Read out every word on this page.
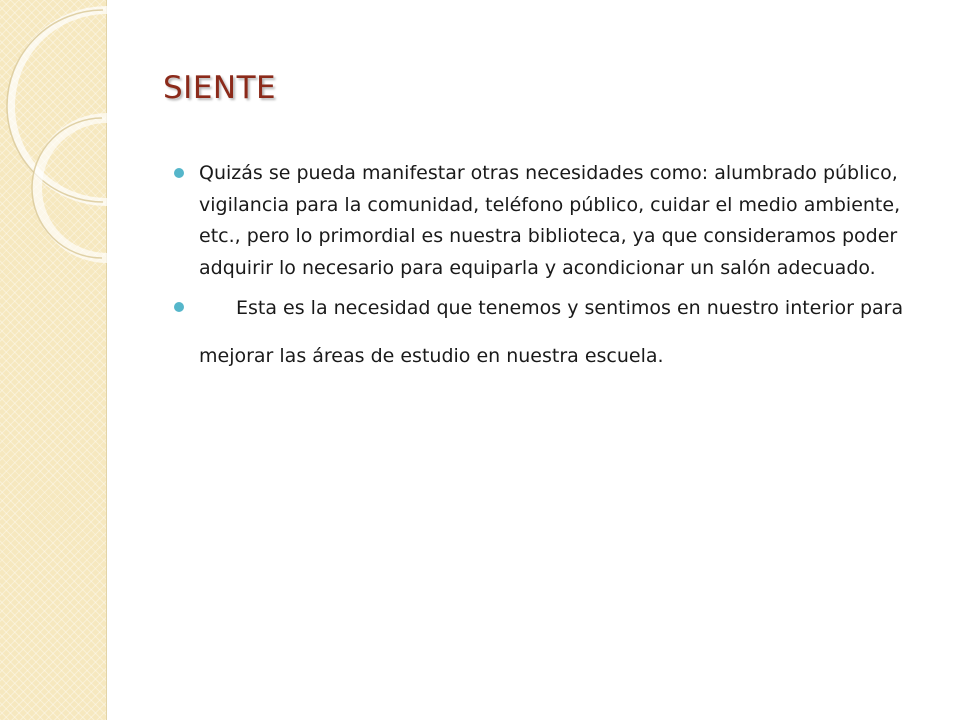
SIENTE
Quizás se pueda manifestar otras necesidades como: alumbrado público, vigilancia para la comunidad, teléfono público, cuidar el medio ambiente, etc., pero lo primordial es nuestra biblioteca, ya que consideramos poder adquirir lo necesario para equiparla y acondicionar un salón adecuado.
Esta es la necesidad que tenemos y sentimos en nuestro interior para mejorar las áreas de estudio en nuestra escuela.
